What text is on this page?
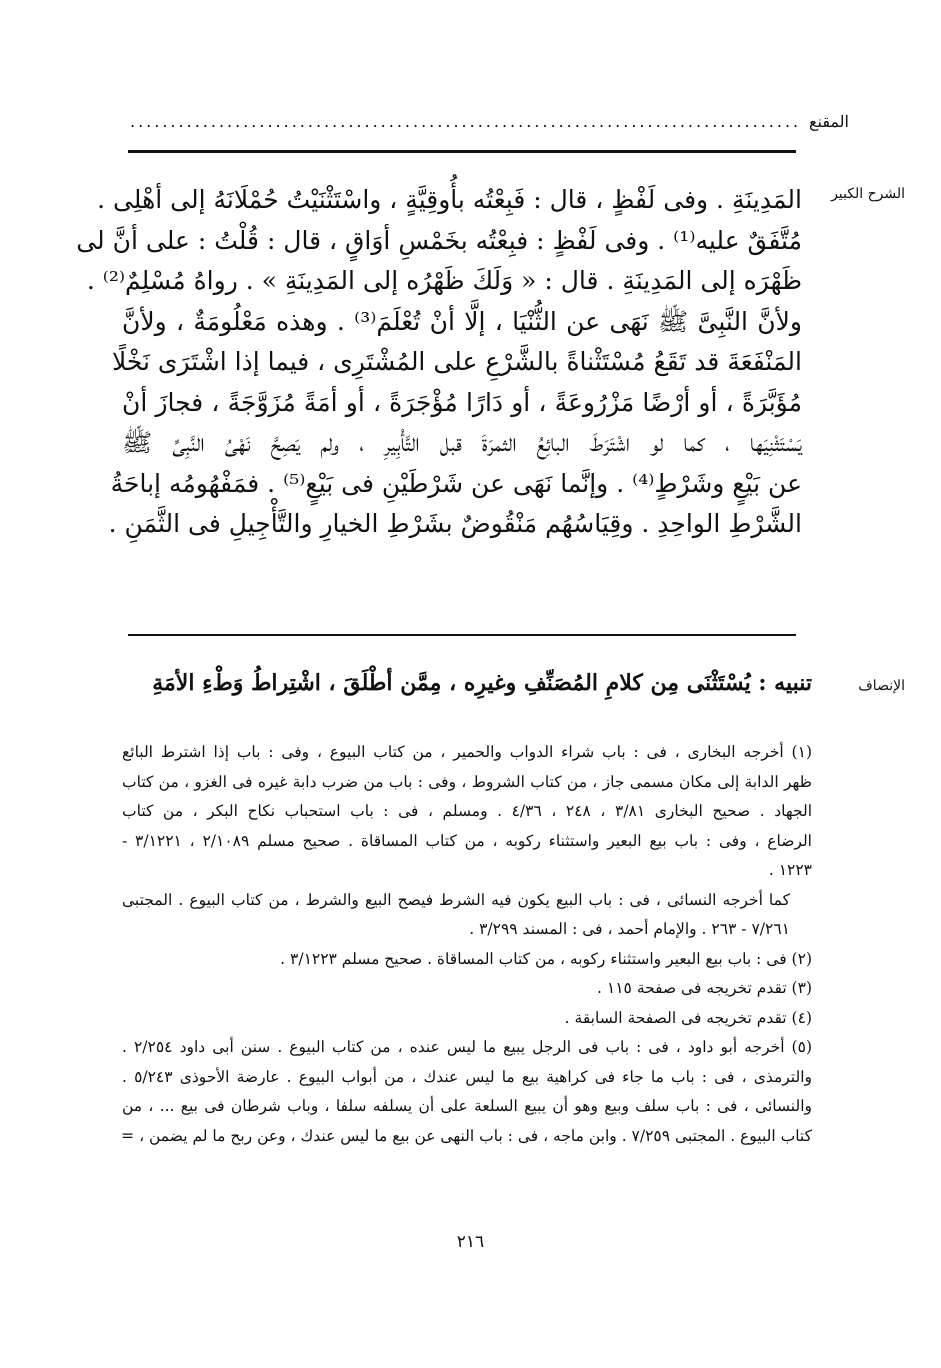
المقنع
...................................................................................
الشرح الكبير
المَدِينَةِ . وفى لَفْظٍ ، قال : فَبِعْتُه بأُوقِيَّةٍ ، واسْتَثْنَيْتُ حُمْلَانَهُ إلى أهْلِى .
مُتَّفَقٌ عليه⁽¹⁾ . وفى لَفْظٍ : فبِعْتُه بخَمْسِ أوَاقٍ ، قال : قُلْتُ : على أنَّ لى
ظَهْرَه إلى المَدِينَةِ . قال : « وَلَكَ ظَهْرُه إلى المَدِينَةِ » . رواهُ مُسْلِمٌ⁽²⁾ .
ولأنَّ النَّبِىَّ ﷺ نَهَى عن الثُّنْيَا ، إلَّا أنْ تُعْلَمَ⁽³⁾ . وهذه مَعْلُومَةٌ ، ولأنَّ
المَنْفَعَةَ قد تَقَعُ مُسْتَثْناةً بالشَّرْعِ على المُشْتَرِى ، فيما إذا اشْتَرَى نَخْلًا
مُؤَبَّرَةً ، أو أرْضًا مَزْرُوعَةً ، أو دَارًا مُؤْجَرَةً ، أو أمَةً مُزَوَّجَةً ، فجازَ أنْ
يَسْتَثْنِيَها ، كما لو اشْتَرَطَ البائِعُ الثمرَةَ قبل التَّأْبِيرِ ، ولم يَصِحَّ نَهْىُ النَّبِىِّ ﷺ
عن بَيْعٍ وشَرْطٍ⁽⁴⁾ . وإنَّما نَهَى عن شَرْطَيْنِ فى بَيْعٍ⁽⁵⁾ . فمَفْهُومُه إباحَةُ
الشَّرْطِ الواحِدِ . وقِيَاسُهُم مَنْقُوضٌ بشَرْطِ الخيارِ والتَّأْجِيلِ فى الثَّمَنِ .
الإنصاف
تنبيه : يُسْتَثْنَى مِن كلامِ المُصَنِّفِ وغيرِه ، مِمَّن أطْلَقَ ، اشْتِراطُ وَطْءِ الأمَةِ
(١) أخرجه البخارى ، فى : باب شراء الدواب والحمير ، من كتاب البيوع ، وفى : باب إذا اشترط البائع
ظهر الدابة إلى مكان مسمى جاز ، من كتاب الشروط ، وفى : باب من ضرب دابة غيره فى الغزو ، من كتاب
الجهاد . صحيح البخارى ٣/٨١ ، ٢٤٨ ، ٤/٣٦ . ومسلم ، فى : باب استحباب نكاح البكر ، من كتاب
الرضاع ، وفى : باب بيع البعير واستثناء ركوبه ، من كتاب المساقاة . صحيح مسلم ٢/١٠٨٩ ، ٣/١٢٢١ -
١٢٢٣ .
كما أخرجه النسائى ، فى : باب البيع يكون فيه الشرط فيصح البيع والشرط ، من كتاب البيوع . المجتبى
٧/٢٦١ - ٢٦٣ . والإمام أحمد ، فى : المسند ٣/٢٩٩ .
(٢) فى : باب بيع البعير واستثناء ركوبه ، من كتاب المساقاة . صحيح مسلم ٣/١٢٢٣ .
(٣) تقدم تخريجه فى صفحة ١١٥ .
(٤) تقدم تخريجه فى الصفحة السابقة .
(٥) أخرجه أبو داود ، فى : باب فى الرجل يبيع ما ليس عنده ، من كتاب البيوع . سنن أبى داود ٢/٢٥٤ .
والترمذى ، فى : باب ما جاء فى كراهية بيع ما ليس عندك ، من أبواب البيوع . عارضة الأحوذى ٥/٢٤٣ .
والنسائى ، فى : باب سلف وبيع وهو أن يبيع السلعة على أن يسلفه سلفا ، وباب شرطان فى بيع ... ، من
كتاب البيوع . المجتبى ٧/٢٥٩ . وابن ماجه ، فى : باب النهى عن بيع ما ليس عندك ، وعن ربح ما لم يضمن ، =
٢١٦
